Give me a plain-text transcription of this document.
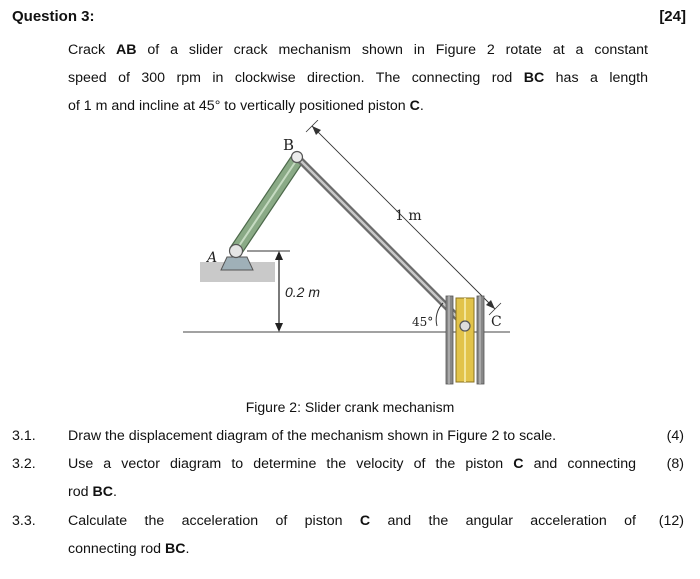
Question 3:	[24]
Crack AB of a slider crack mechanism shown in Figure 2 rotate at a constant
speed of 300 rpm in clockwise direction. The connecting rod BC has a length
of 1 m and incline at 45° to vertically positioned piston C.
B
A
C
1 m
0.2 m
45°
Figure 2: Slider crank mechanism
3.1. Draw the displacement diagram of the mechanism shown in Figure 2 to scale.	(4)
3.2. Use a vector diagram to determine the velocity of the piston C and connecting
rod BC.
(8)
3.3. Calculate the acceleration of piston C and the angular acceleration of
connecting rod BC.
(12)
